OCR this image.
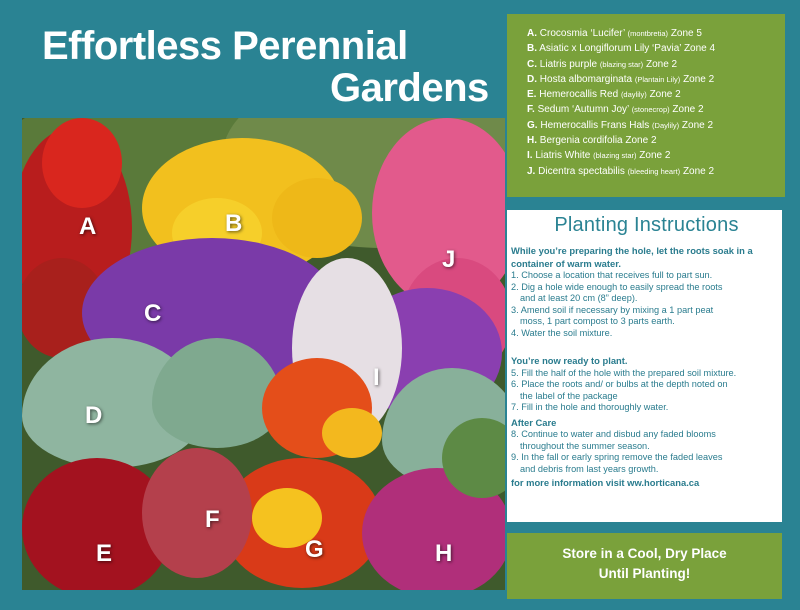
Effortless Perennial
Gardens
A	B
C
D
E
F
G	H
I
J
A. Crocosmia ‘Lucifer’ (montbretia) Zone 5
B. Asiatic x Longiflorum Lily ‘Pavia’ Zone 4
C. Liatris purple (blazing star) Zone 2
D. Hosta albomarginata (Plantain Lily) Zone 2
E. Hemerocallis Red (daylily) Zone 2
F. Sedum ‘Autumn Joy’ (stonecrop) Zone 2
G. Hemerocallis Frans Hals (Daylily) Zone 2
H. Bergenia cordifolia Zone 2
I. Liatris White (blazing star) Zone 2
J. Dicentra spectabilis (bleeding heart) Zone 2
Planting Instructions
While you’re preparing the hole, let the roots soak in a
container of warm water.
1. Choose a location that receives full to part sun.
2. Dig a hole wide enough to easily spread the roots
and at least 20 cm (8” deep).
3. Amend soil if necessary by mixing a 1 part peat
moss, 1 part compost to 3 parts earth.
4. Water the soil mixture.
You’re now ready to plant.
5. Fill the half of the hole with the prepared soil mixture.
6. Place the roots and/ or bulbs at the depth noted on
the label of the package
7. Fill in the hole and thoroughly water.
After Care
8. Continue to water and disbud any faded blooms
throughout the summer season.
9. In the fall or early spring remove the faded leaves
and debris from last years growth.
for more information visit ww.horticana.ca
Store in a Cool, Dry Place
Until Planting!
